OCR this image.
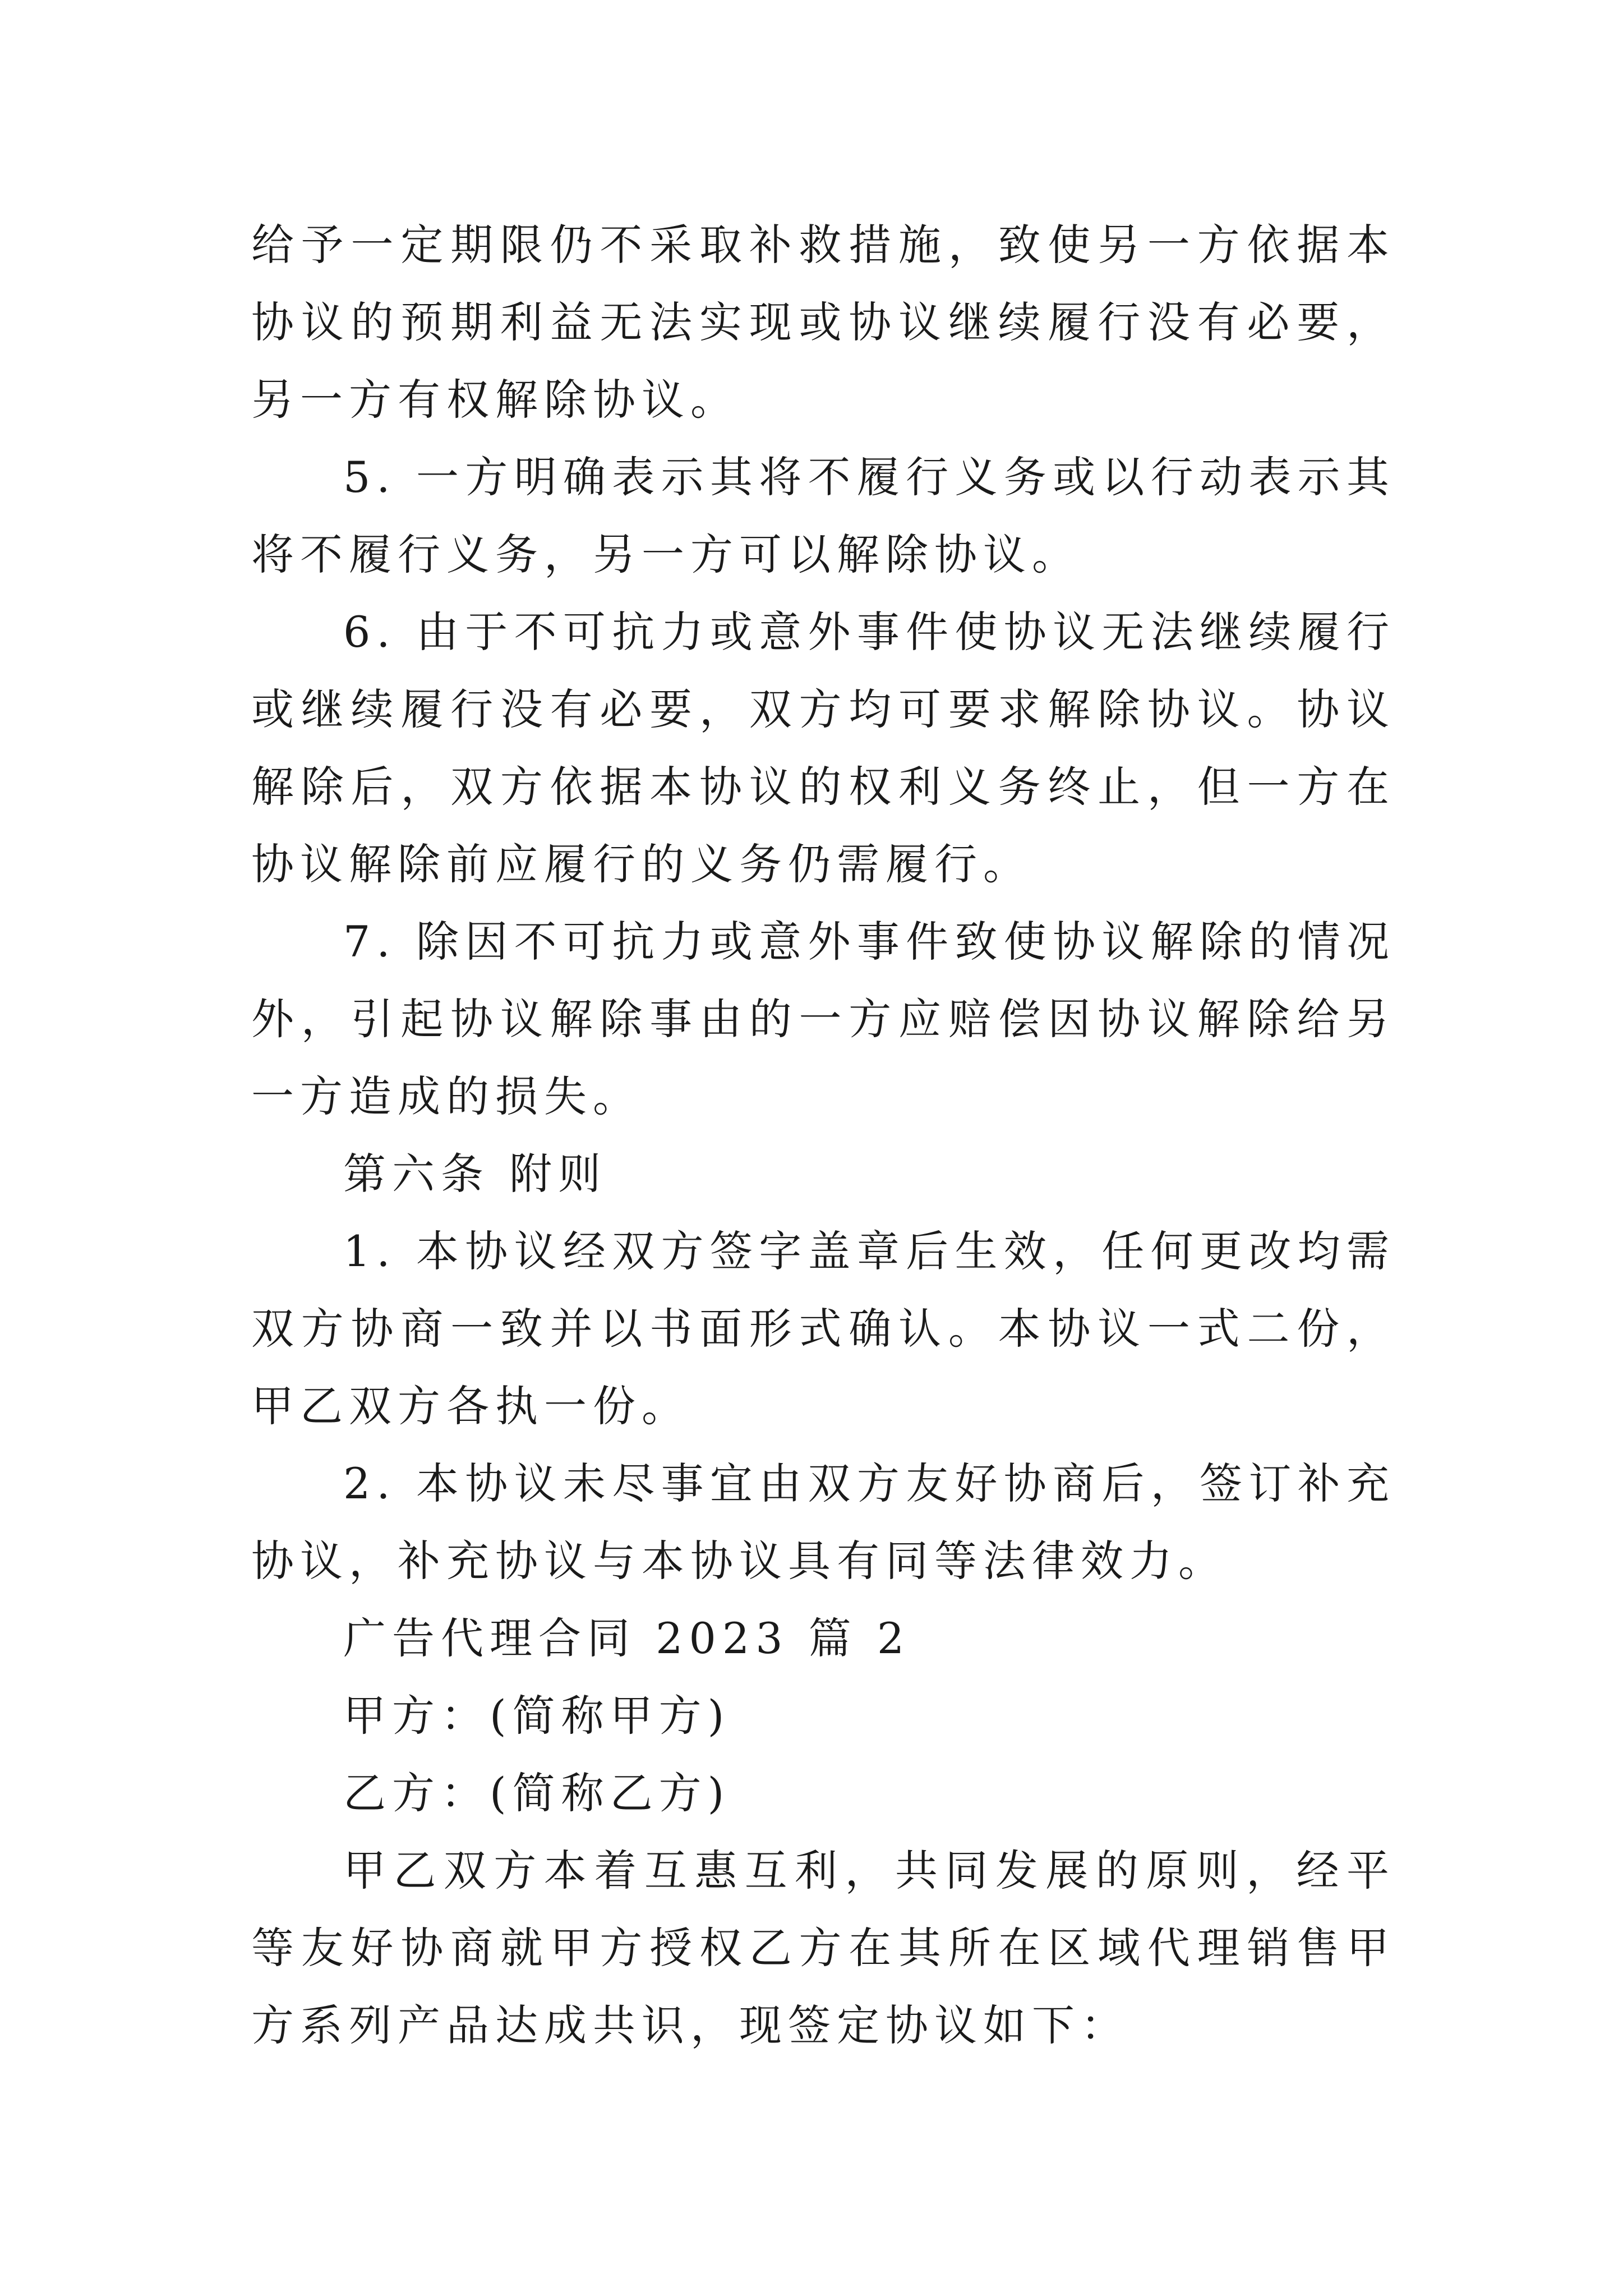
给予一定期限仍不采取补救措施，致使另一方依据本协议的预期利益无法实现或协议继续履行没有必要，另一方有权解除协议。

5. 一方明确表示其将不履行义务或以行动表示其将不履行义务，另一方可以解除协议。

6. 由于不可抗力或意外事件使协议无法继续履行或继续履行没有必要，双方均可要求解除协议。协议解除后，双方依据本协议的权利义务终止，但一方在协议解除前应履行的义务仍需履行。

7. 除因不可抗力或意外事件致使协议解除的情况外，引起协议解除事由的一方应赔偿因协议解除给另一方造成的损失。

第六条 附则

1. 本协议经双方签字盖章后生效，任何更改均需双方协商一致并以书面形式确认。本协议一式二份，甲乙双方各执一份。

2. 本协议未尽事宜由双方友好协商后，签订补充协议，补充协议与本协议具有同等法律效力。

广告代理合同 2023 篇 2

甲方：(简称甲方)

乙方：(简称乙方)

甲乙双方本着互惠互利，共同发展的原则，经平等友好协商就甲方授权乙方在其所在区域代理销售甲方系列产品达成共识，现签定协议如下：
